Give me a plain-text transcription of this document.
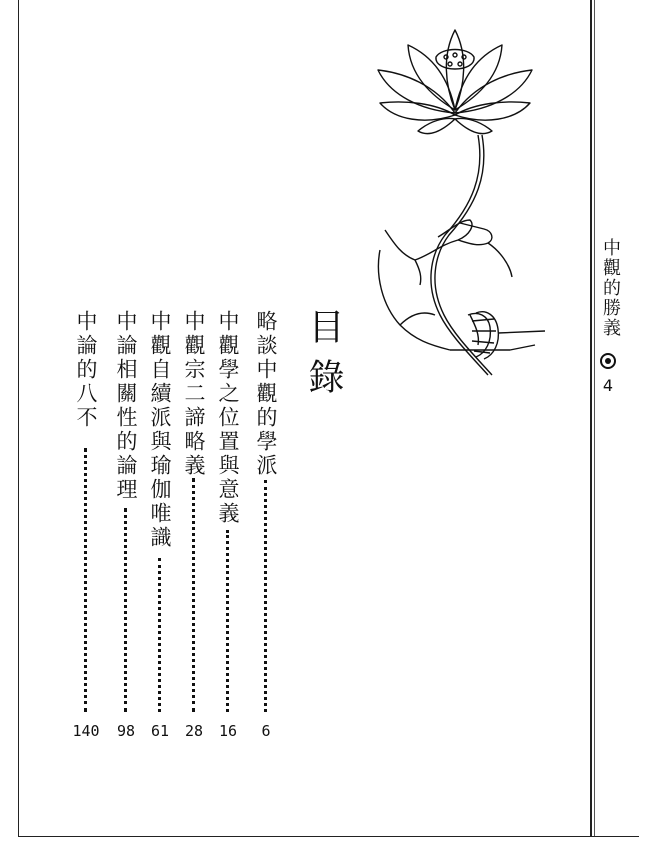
中觀的勝義
4
目錄
略談中觀的學派
6
中觀學之位置與意義
16
中觀宗二諦略義
28
中觀自續派與瑜伽唯識
61
中論相關性的論理
98
中論的八不
140
